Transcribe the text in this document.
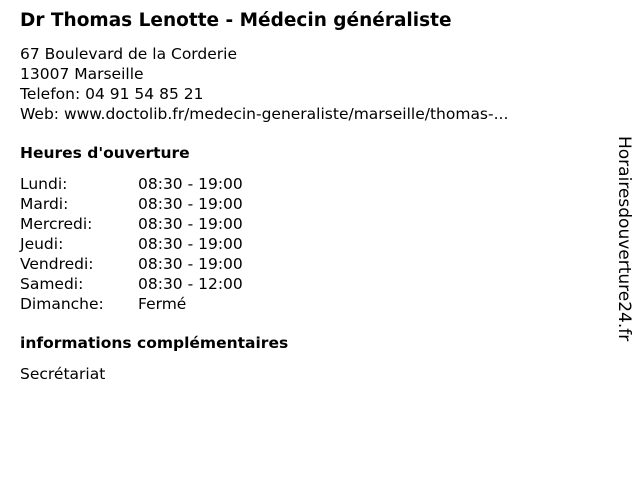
Dr Thomas Lenotte - Médecin généraliste
67 Boulevard de la Corderie
13007 Marseille
Telefon: 04 91 54 85 21
Web: www.doctolib.fr/medecin-generaliste/marseille/thomas-...
Heures d'ouverture
Lundi:	08:30 - 19:00
Mardi:	08:30 - 19:00
Mercredi:	08:30 - 19:00
Jeudi:	08:30 - 19:00
Vendredi:	08:30 - 19:00
Samedi:	08:30 - 12:00
Dimanche:	Fermé
informations complémentaires
Secrétariat
Horairesdouverture24.fr
